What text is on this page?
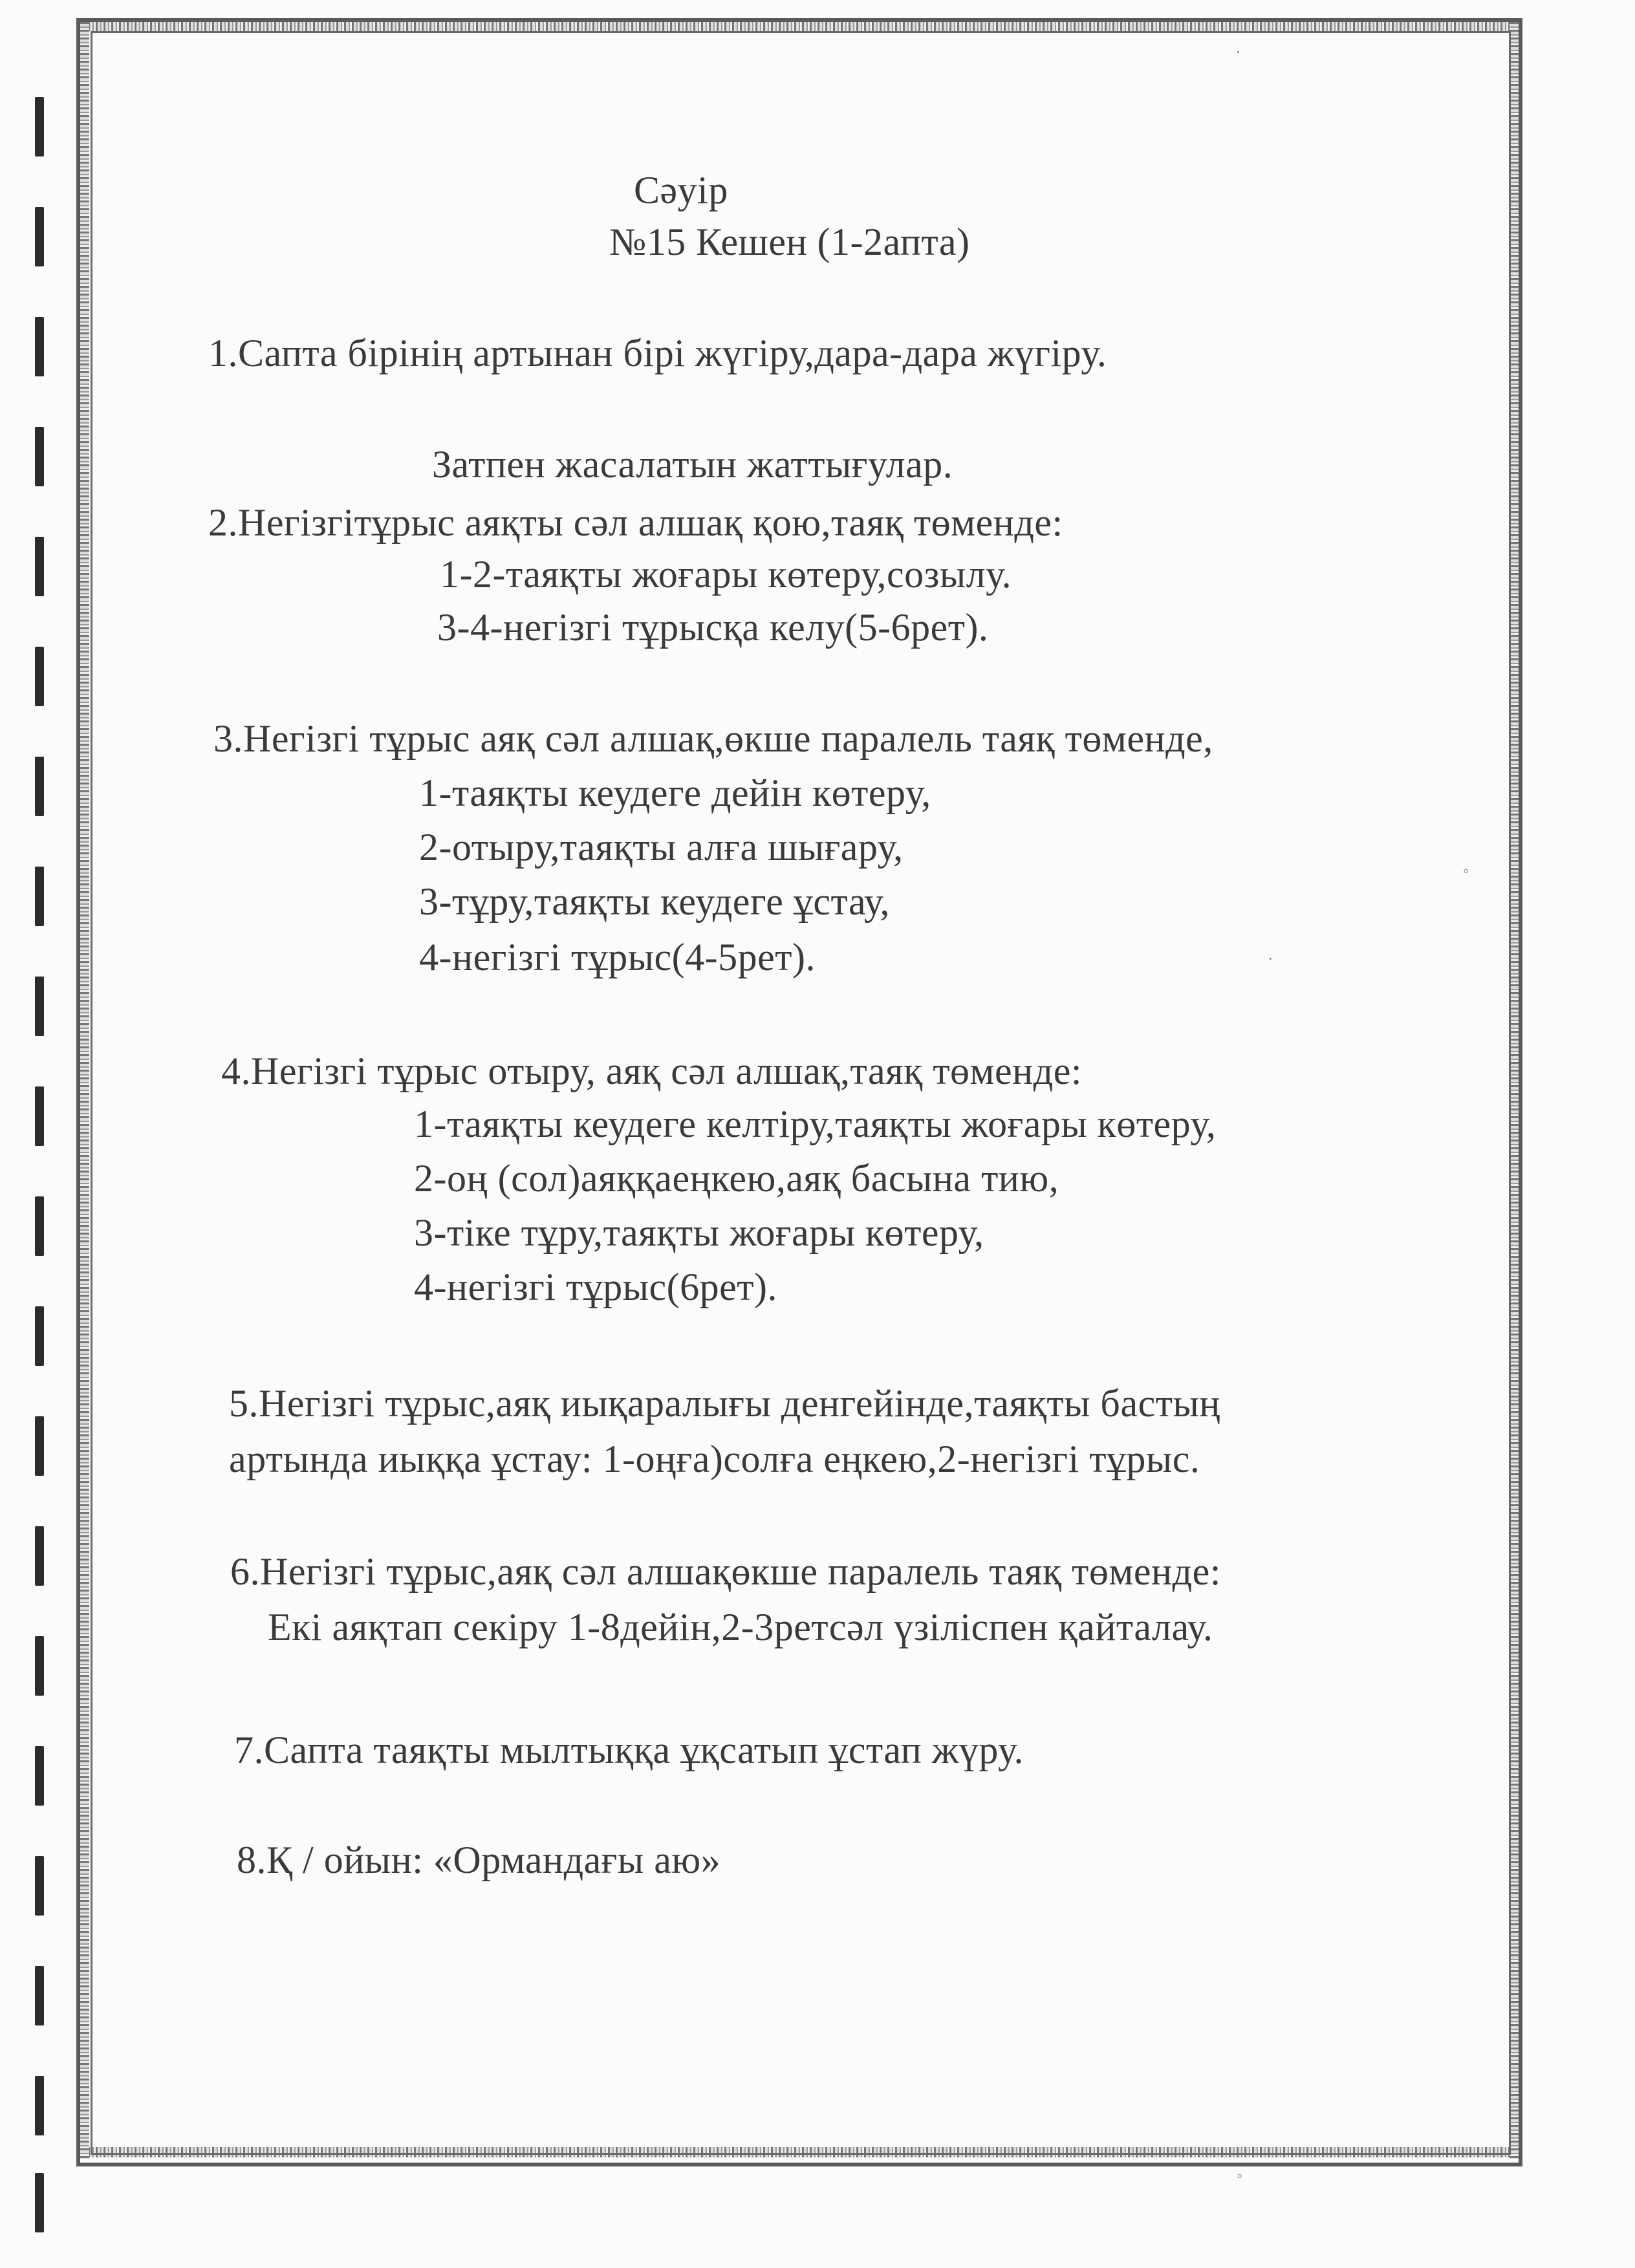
Сәуір
№15 Кешен (1-2апта)
1.Сапта бірінің артынан бірі жүгіру,дара-дара жүгіру.
Затпен жасалатын жаттығулар.
2.Негізгітұрыс аяқты сәл алшақ қою,таяқ төменде:
1-2-таяқты жоғары көтеру,созылу.
3-4-негізгі тұрысқа келу(5-6рет).
3.Негізгі тұрыс аяқ сәл алшақ,өкше паралель таяқ төменде,
1-таяқты кеудеге дейін көтеру,
2-отыру,таяқты алға шығару,
3-тұру,таяқты кеудеге ұстау,
4-негізгі тұрыс(4-5рет).
4.Негізгі тұрыс отыру, аяқ сәл алшақ,таяқ төменде:
1-таяқты кеудеге келтіру,таяқты жоғары көтеру,
2-оң (сол)аяққаеңкею,аяқ басына тию,
3-тіке тұру,таяқты жоғары көтеру,
4-негізгі тұрыс(6рет).
5.Негізгі тұрыс,аяқ иықаралығы денгейінде,таяқты бастың
артында иыққа ұстау: 1-оңға)солға еңкею,2-негізгі тұрыс.
6.Негізгі тұрыс,аяқ сәл алшақөкше паралель таяқ төменде:
Екі аяқтап секіру 1-8дейін,2-3ретсәл үзіліспен қайталау.
7.Сапта таяқты мылтыққа ұқсатып ұстап жүру.
8.Қ / ойын: «Ормандағы аю»
·
◦
·
◦
